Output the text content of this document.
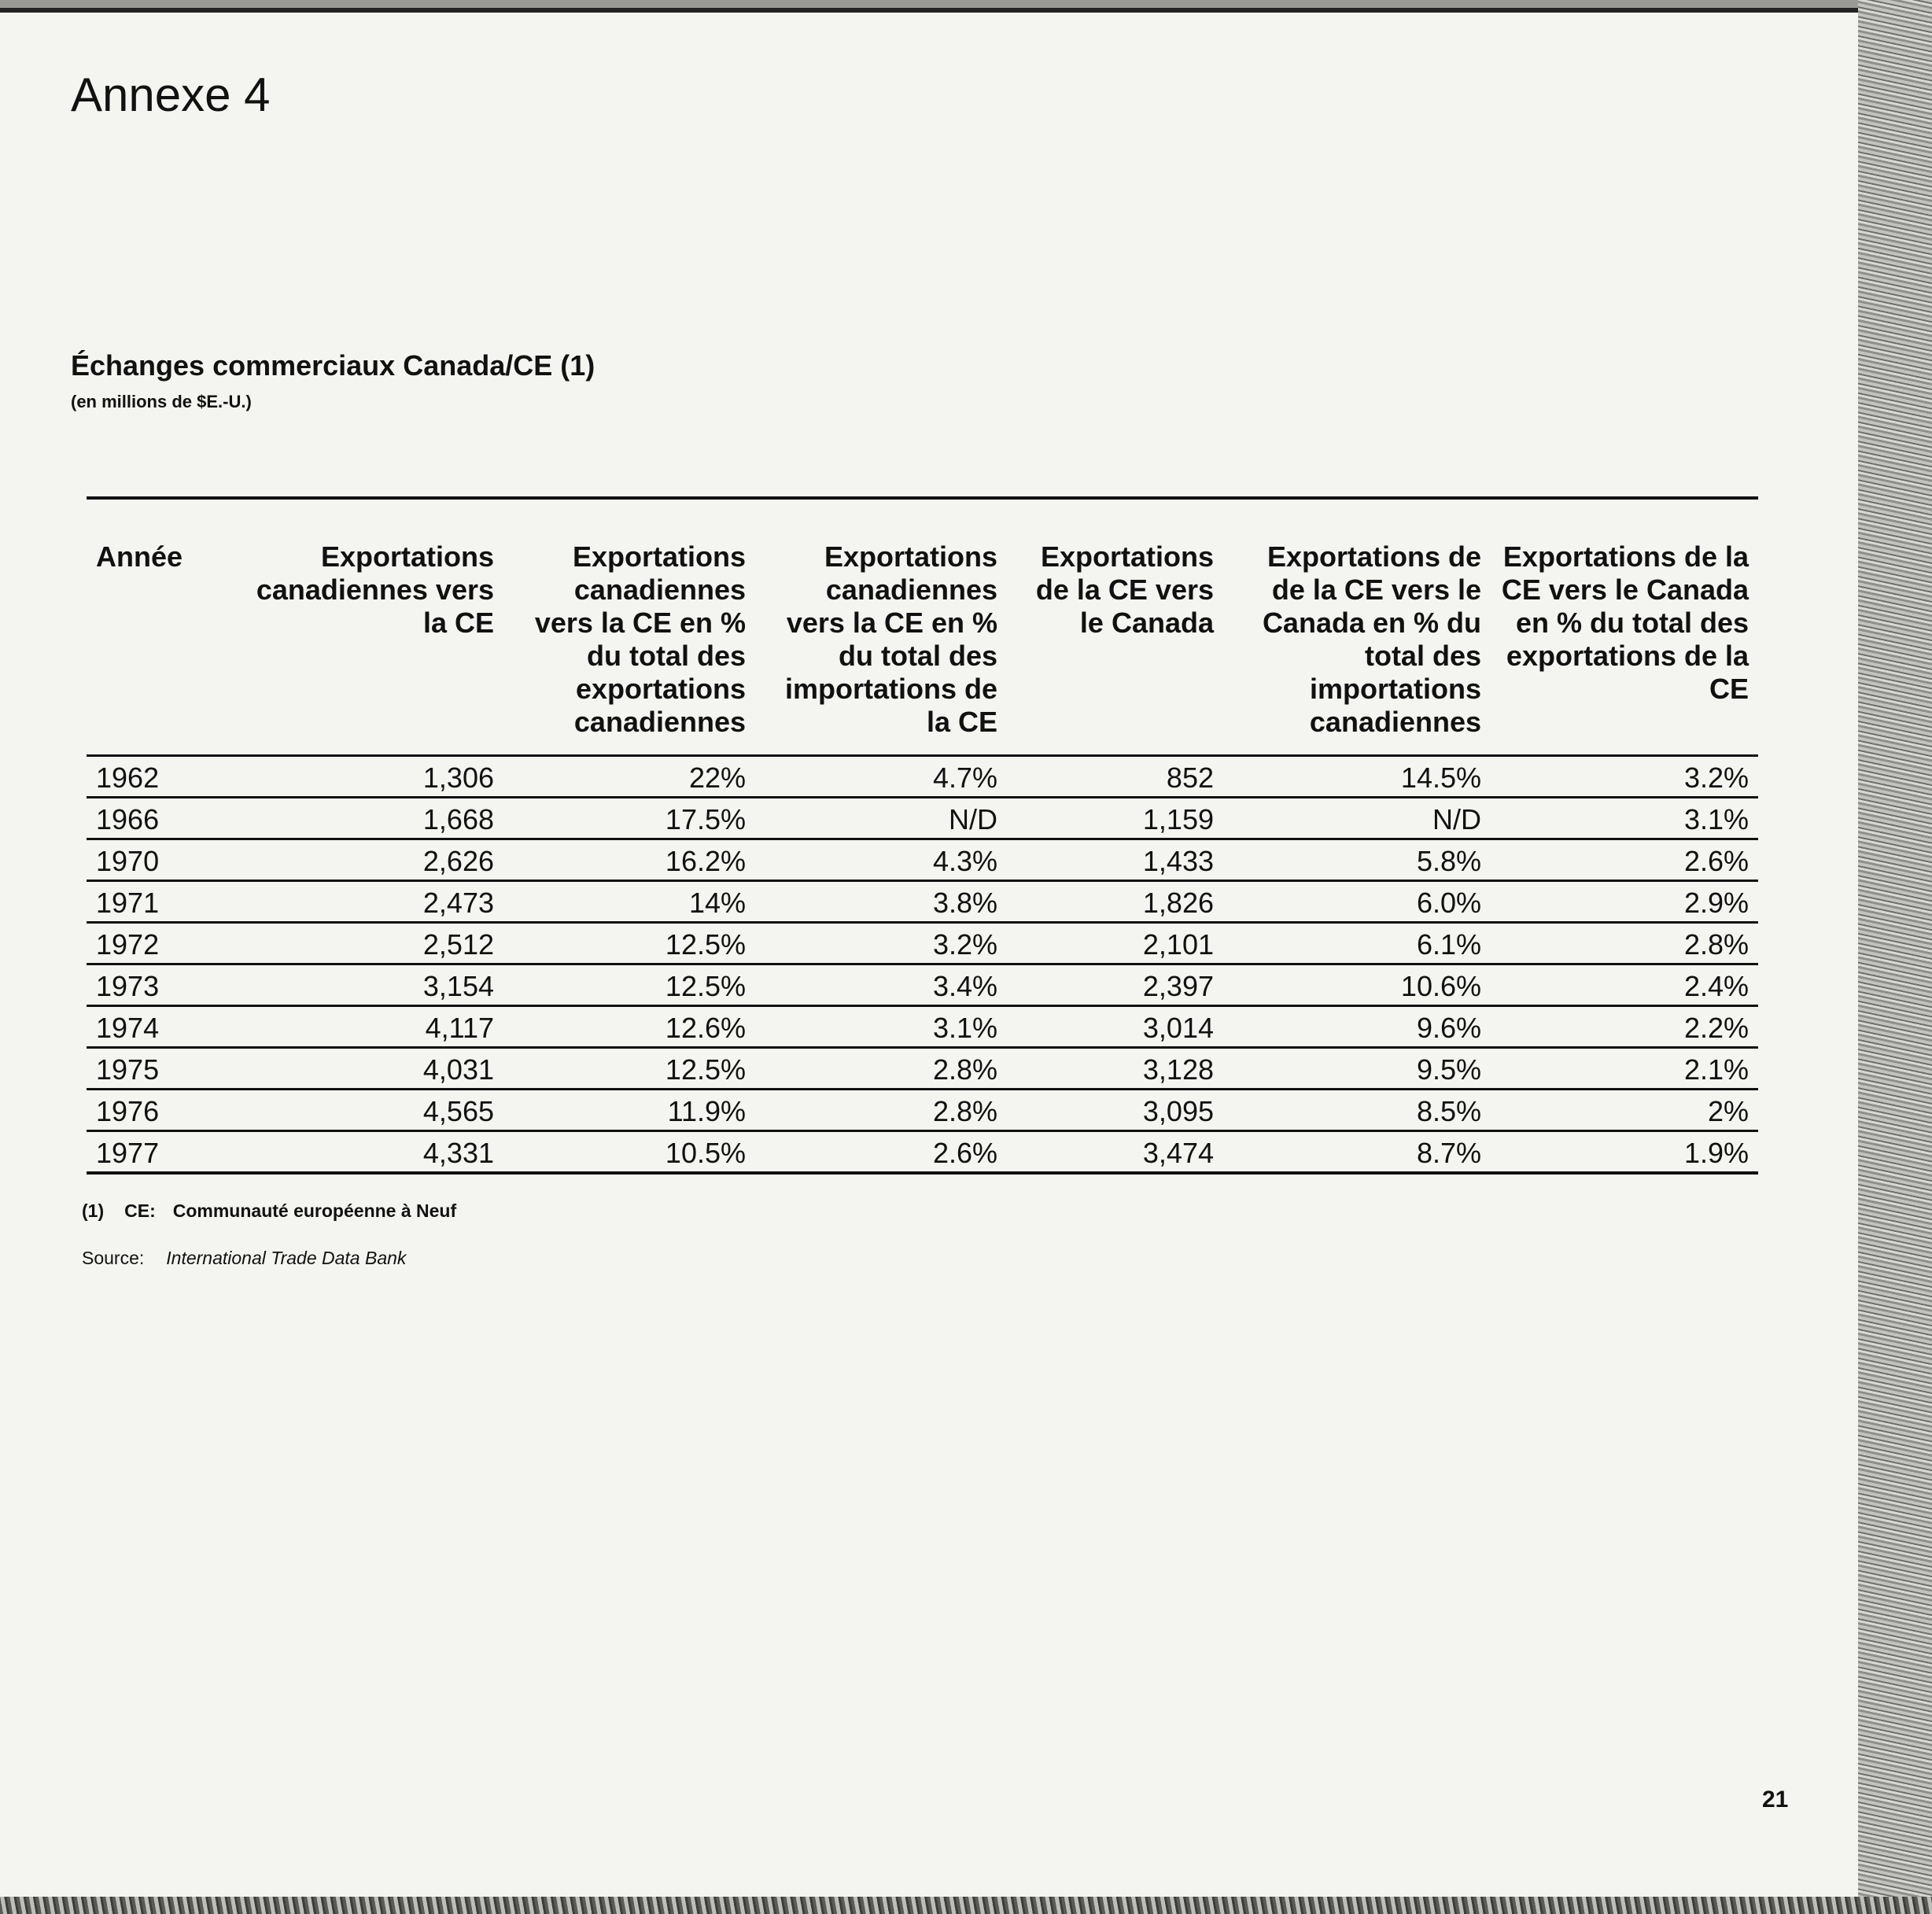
Annexe 4
Échanges commerciaux Canada/CE (1)

(en millions de $E.-U.)

Année	Exportations canadiennes vers la CE	Exportations canadiennes vers la CE en % du total des exportations canadiennes	Exportations canadiennes vers la CE en % du total des importations de la CE	Exportations de la CE vers le Canada	Exportations de de la CE vers le Canada en % du total des importations canadiennes	Exportations de la CE vers le Canada en % du total des exportations de la CE
1962	1,306	22%	4.7%	852	14.5%	3.2%
1966	1,668	17.5%	N/D	1,159	N/D	3.1%
1970	2,626	16.2%	4.3%	1,433	5.8%	2.6%
1971	2,473	14%	3.8%	1,826	6.0%	2.9%
1972	2,512	12.5%	3.2%	2,101	6.1%	2.8%
1973	3,154	12.5%	3.4%	2,397	10.6%	2.4%
1974	4,117	12.6%	3.1%	3,014	9.6%	2.2%
1975	4,031	12.5%	2.8%	3,128	9.5%	2.1%
1976	4,565	11.9%	2.8%	3,095	8.5%	2%
1977	4,331	10.5%	2.6%	3,474	8.7%	1.9%

(1) CE: Communauté européenne à Neuf

Source: International Trade Data Bank

21
